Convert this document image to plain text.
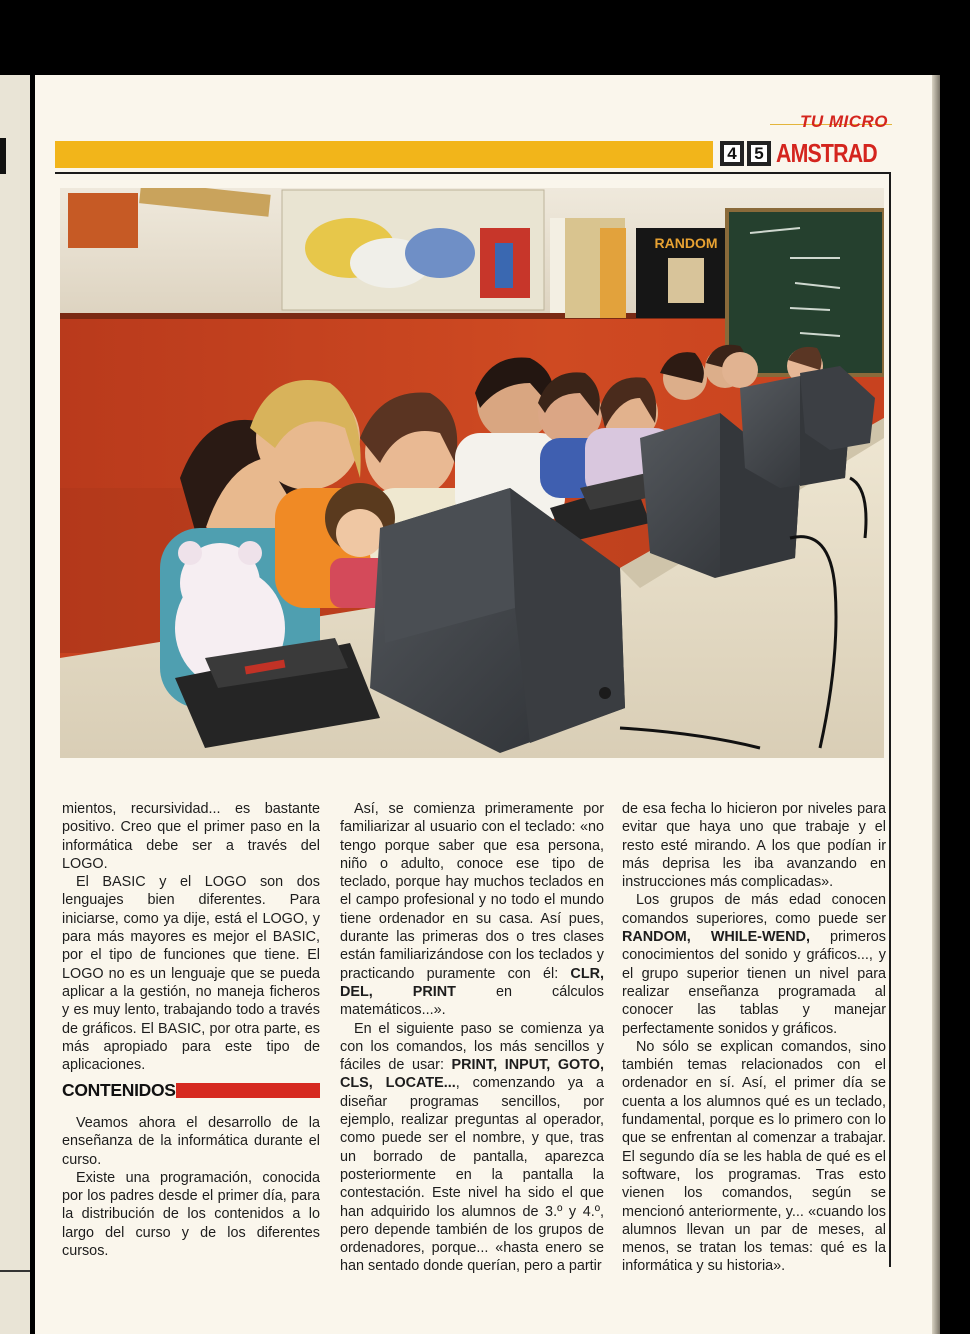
TU MICRO
4 5 AMSTRAD
RANDOM

mientos, recursividad... es bastante positivo. Creo que el primer paso en la informática debe ser a través del LOGO.

El BASIC y el LOGO son dos lenguajes bien diferentes. Para iniciarse, como ya dije, está el LOGO, y para más mayores es mejor el BASIC, por el tipo de funciones que tiene. El LOGO no es un lenguaje que se pueda aplicar a la gestión, no maneja ficheros y es muy lento, trabajando todo a través de gráficos. El BASIC, por otra parte, es más apropiado para este tipo de aplicaciones.

CONTENIDOS

Veamos ahora el desarrollo de la enseñanza de la informática durante el curso.

Existe una programación, conocida por los padres desde el primer día, para la distribución de los contenidos a lo largo del curso y de los diferentes cursos.

Así, se comienza primeramente por familiarizar al usuario con el teclado: «no tengo porque saber que esa persona, niño o adulto, conoce ese tipo de teclado, porque hay muchos teclados en el campo profesional y no todo el mundo tiene ordenador en su casa. Así pues, durante las primeras dos o tres clases están familiarizándose con los teclados y practicando puramente con él: CLR, DEL, PRINT en cálculos matemáticos...».

En el siguiente paso se comienza ya con los comandos, los más sencillos y fáciles de usar: PRINT, INPUT, GOTO, CLS, LOCATE..., comenzando ya a diseñar programas sencillos, por ejemplo, realizar preguntas al operador, como puede ser el nombre, y que, tras un borrado de pantalla, aparezca posteriormente en la pantalla la contestación. Este nivel ha sido el que han adquirido los alumnos de 3.º y 4.º, pero depende también de los grupos de ordenadores, porque... «hasta enero se han sentado donde querían, pero a partir

de esa fecha lo hicieron por niveles para evitar que haya uno que trabaje y el resto esté mirando. A los que podían ir más deprisa les iba avanzando en instrucciones más complicadas».

Los grupos de más edad conocen comandos superiores, como puede ser RANDOM, WHILE-WEND, primeros conocimientos del sonido y gráficos..., y el grupo superior tienen un nivel para realizar enseñanza programada al conocer las tablas y manejar perfectamente sonidos y gráficos.

No sólo se explican comandos, sino también temas relacionados con el ordenador en sí. Así, el primer día se cuenta a los alumnos qué es un teclado, fundamental, porque es lo primero con lo que se enfrentan al comenzar a trabajar. El segundo día se les habla de qué es el software, los programas. Tras esto vienen los comandos, según se mencionó anteriormente, y... «cuando los alumnos llevan un par de meses, al menos, se tratan los temas: qué es la informática y su historia».
